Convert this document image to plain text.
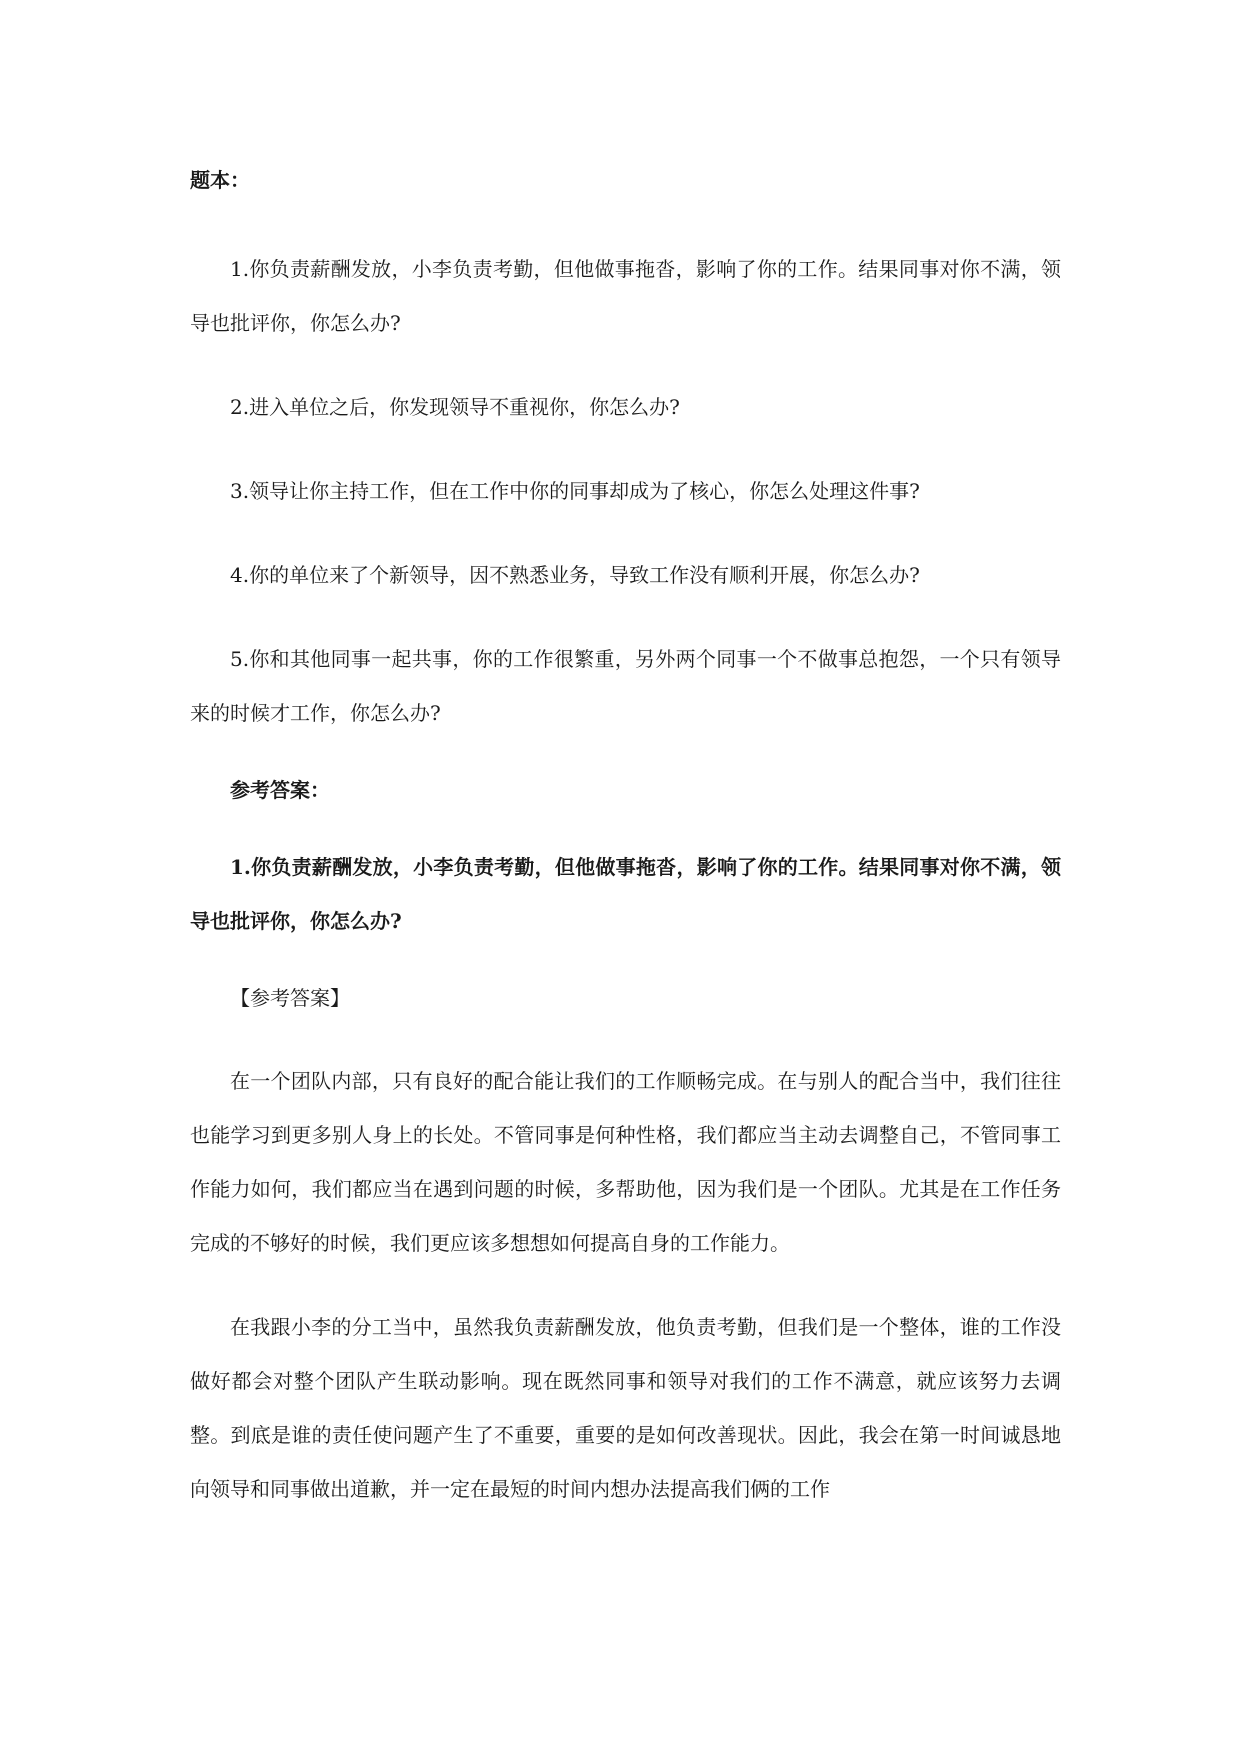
题本：
1.你负责薪酬发放，小李负责考勤，但他做事拖沓，影响了你的工作。结果同事对你不满，领导也批评你，你怎么办?
2.进入单位之后，你发现领导不重视你，你怎么办?
3.领导让你主持工作，但在工作中你的同事却成为了核心，你怎么处理这件事?
4.你的单位来了个新领导，因不熟悉业务，导致工作没有顺利开展，你怎么办?
5.你和其他同事一起共事，你的工作很繁重，另外两个同事一个不做事总抱怨，一个只有领导来的时候才工作，你怎么办?
参考答案：
1.你负责薪酬发放，小李负责考勤，但他做事拖沓，影响了你的工作。结果同事对你不满，领导也批评你，你怎么办?
【参考答案】
在一个团队内部，只有良好的配合能让我们的工作顺畅完成。在与别人的配合当中，我们往往也能学习到更多别人身上的长处。不管同事是何种性格，我们都应当主动去调整自己，不管同事工作能力如何，我们都应当在遇到问题的时候，多帮助他，因为我们是一个团队。尤其是在工作任务完成的不够好的时候，我们更应该多想想如何提高自身的工作能力。
在我跟小李的分工当中，虽然我负责薪酬发放，他负责考勤，但我们是一个整体，谁的工作没做好都会对整个团队产生联动影响。现在既然同事和领导对我们的工作不满意，就应该努力去调整。到底是谁的责任使问题产生了不重要，重要的是如何改善现状。因此，我会在第一时间诚恳地向领导和同事做出道歉，并一定在最短的时间内想办法提高我们俩的工作
